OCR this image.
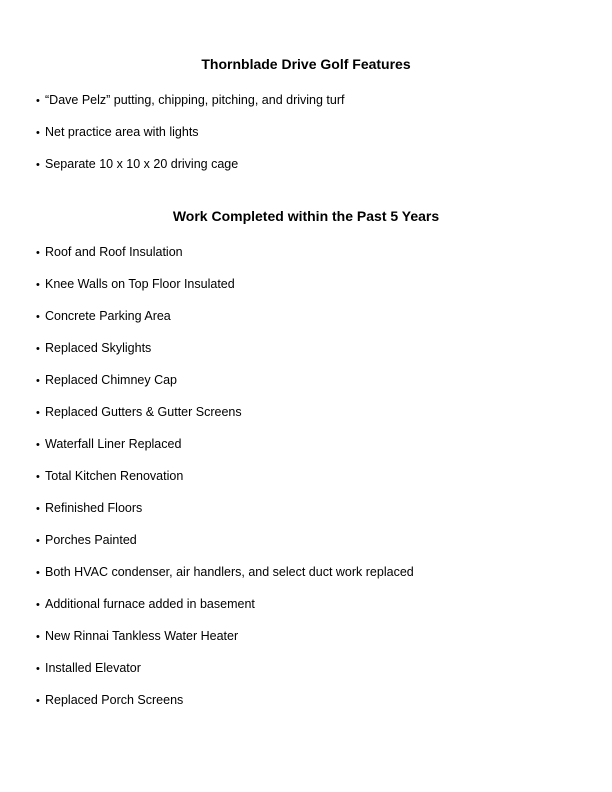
Thornblade Drive Golf Features
• “Dave Pelz” putting, chipping, pitching, and driving turf
• Net practice area with lights
• Separate 10 x 10 x 20 driving cage
Work Completed within the Past 5 Years
• Roof and Roof Insulation
• Knee Walls on Top Floor Insulated
• Concrete Parking Area
• Replaced Skylights
• Replaced Chimney Cap
• Replaced Gutters & Gutter Screens
• Waterfall Liner Replaced
• Total Kitchen Renovation
• Refinished Floors
• Porches Painted
• Both HVAC condenser, air handlers, and select duct work replaced
• Additional furnace added in basement
• New Rinnai Tankless Water Heater
• Installed Elevator
• Replaced Porch Screens
